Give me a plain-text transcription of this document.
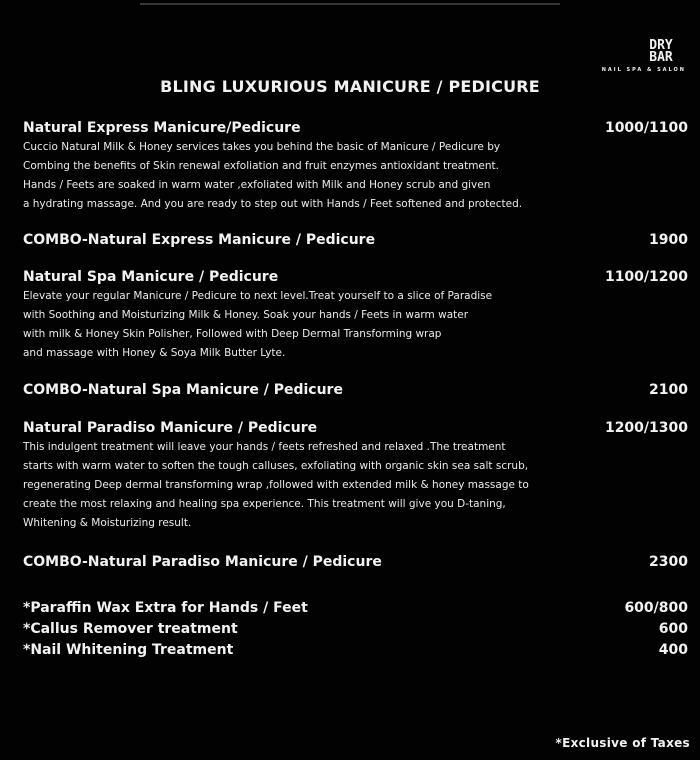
DRY
BAR
NAIL SPA & SALON
BLING LUXURIOUS MANICURE / PEDICURE
Natural Express Manicure/Pedicure	1000/1100
Cuccio Natural Milk & Honey services takes you behind the basic of Manicure / Pedicure by
Combing the benefits of Skin renewal exfoliation and fruit enzymes antioxidant treatment.
Hands / Feets are soaked in warm water ,exfoliated with Milk and Honey scrub and given
a hydrating massage. And you are ready to step out with Hands / Feet softened and protected.
COMBO-Natural Express Manicure / Pedicure	1900
Natural Spa Manicure / Pedicure	1100/1200
Elevate your regular Manicure / Pedicure to next level.Treat yourself to a slice of Paradise
with Soothing and Moisturizing Milk & Honey. Soak your hands / Feets in warm water
with milk & Honey Skin Polisher, Followed with Deep Dermal Transforming wrap
and massage with Honey & Soya Milk Butter Lyte.
COMBO-Natural Spa Manicure / Pedicure	2100
Natural Paradiso Manicure / Pedicure	1200/1300
This indulgent treatment will leave your hands / feets refreshed and relaxed .The treatment
starts with warm water to soften the tough calluses, exfoliating with organic skin sea salt scrub,
regenerating Deep dermal transforming wrap ,followed with extended milk & honey massage to
create the most relaxing and healing spa experience. This treatment will give you D-taning,
Whitening & Moisturizing result.
COMBO-Natural Paradiso Manicure / Pedicure	2300
*Paraffin Wax Extra for Hands / Feet	600/800
*Callus Remover treatment	600
*Nail Whitening Treatment	400
*Exclusive of Taxes
